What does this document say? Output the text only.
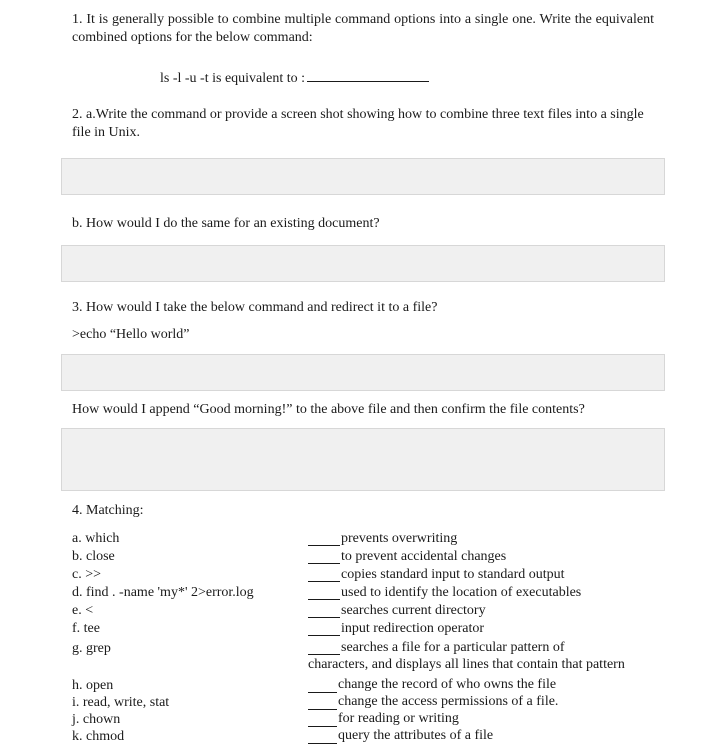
1. It is generally possible to combine multiple command options into a single one. Write the equivalent combined options for the below command:
ls -l -u -t is equivalent to :
2. a.Write the command or provide a screen shot showing how to combine three text files into a single file in Unix.
b. How would I do the same for an existing document?
3. How would I take the below command and redirect it to a file?
>echo “Hello world”
How would I append “Good morning!” to the above file and then confirm the file contents?
4. Matching:
a. which
b. close
c. >>
d. find . -name 'my*' 2>error.log
e. <
f. tee
g. grep
h. open
i. read, write, stat
j. chown
k. chmod
prevents overwriting
to prevent accidental changes
copies standard input to standard output
used to identify the location of executables
searches current directory
input redirection operator
searches a file for a particular pattern of
characters, and displays all lines that contain that pattern
change the record of who owns the file
change the access permissions of a file.
for reading or writing
query the attributes of a file
